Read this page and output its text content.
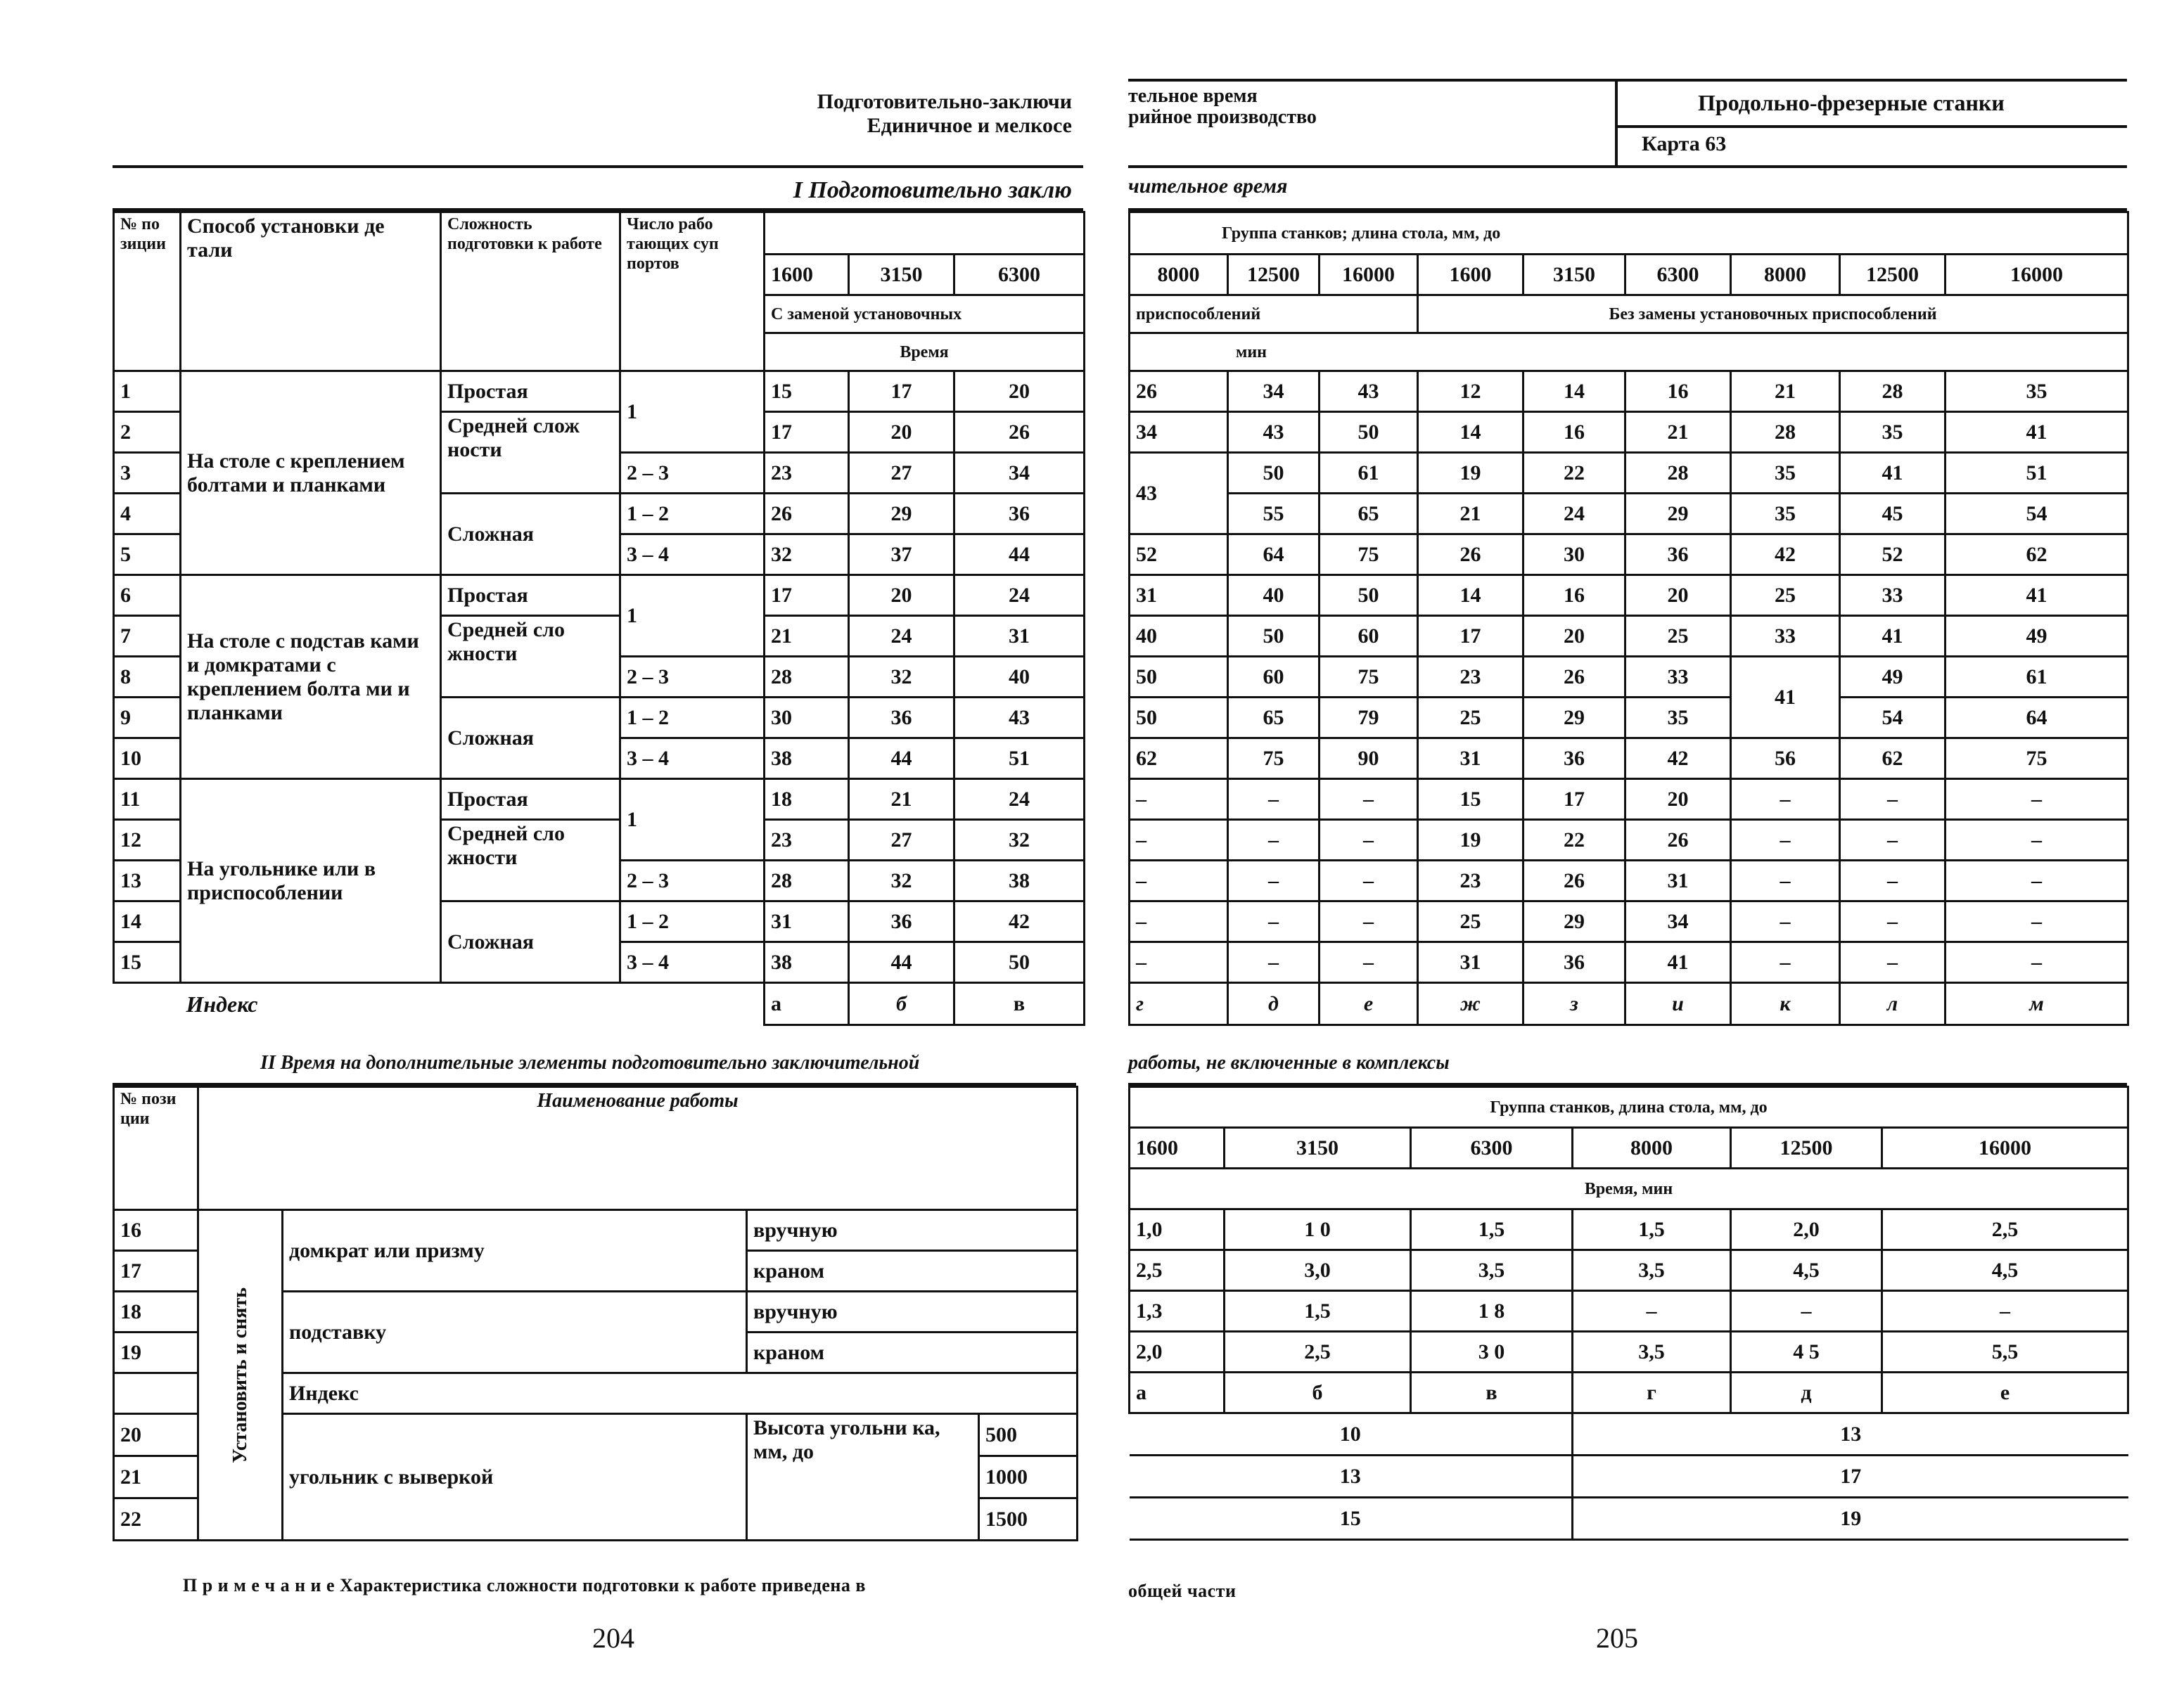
Подготовительно-заключи
Единичное и мелкосе
I Подготовительно заклю
№ по зиции	Способ установки де тали	Сложность подготовки к работе	Число рабо тающих суп портов			
				1600	3150	6300
				С заменой установочных		
				Время		
1	На столе с креплением болтами и планками	Простая	1	15	17	20
2		Средней слож ности		17	20	26
3			2 – 3	23	27	34
4		Сложная	1 – 2	26	29	36
5			3 – 4	32	37	44
6	На столе с подстав ками и домкратами с креплением болта ми и планками	Простая	1	17	20	24
7		Средней сло жности		21	24	31
8			2 – 3	28	32	40
9		Сложная	1 – 2	30	36	43
10			3 – 4	38	44	51
11	На угольнике или в приспособлении	Простая	1	18	21	24
12		Средней сло жности		23	27	32
13			2 – 3	28	32	38
14		Сложная	1 – 2	31	36	42
15			3 – 4	38	44	50
	Индекс			а	б	в
II Время на дополнительные элементы подготовительно заключительной
№ пози ции	Наименование работы			
16	Установить и снять	домкрат или призму	вручную	
17			краном	
18		подставку	вручную	
19			краном	
		Индекс		
20		угольник с выверкой	Высота угольни ка, мм, до	500
21				1000
22				1500
П р и м е ч а н и е Характеристика сложности подготовки к работе приведена в
204
тельное время
рийное производство
Продольно-фрезерные станки
Карта 63
чительное время
Группа станков; длина стола, мм, до								
8000	12500	16000	1600	3150	6300	8000	12500	16000
приспособлений			Без замены установочных приспособлений					
мин								
26	34	43	12	14	16	21	28	35
34	43	50	14	16	21	28	35	41
43	50	61	19	22	28	35	41	51
	55	65	21	24	29	35	45	54
52	64	75	26	30	36	42	52	62
31	40	50	14	16	20	25	33	41
40	50	60	17	20	25	33	41	49
50	60	75	23	26	33	41	49	61
50	65	79	25	29	35		54	64
62	75	90	31	36	42	56	62	75
–	–	–	15	17	20	–	–	–
–	–	–	19	22	26	–	–	–
–	–	–	23	26	31	–	–	–
–	–	–	25	29	34	–	–	–
–	–	–	31	36	41	–	–	–
г	д	е	ж	з	и	к	л	м
работы, не включенные в комплексы
Группа станков, длина стола, мм, до					
1600	3150	6300	8000	12500	16000
Время, мин					
1,0	1 0	1,5	1,5	2,0	2,5
2,5	3,0	3,5	3,5	4,5	4,5
1,3	1,5	1 8	–	–	–
2,0	2,5	3 0	3,5	4 5	5,5
а	б	в	г	д	е
10			13		
13			17		
15			19		
общей части
205
